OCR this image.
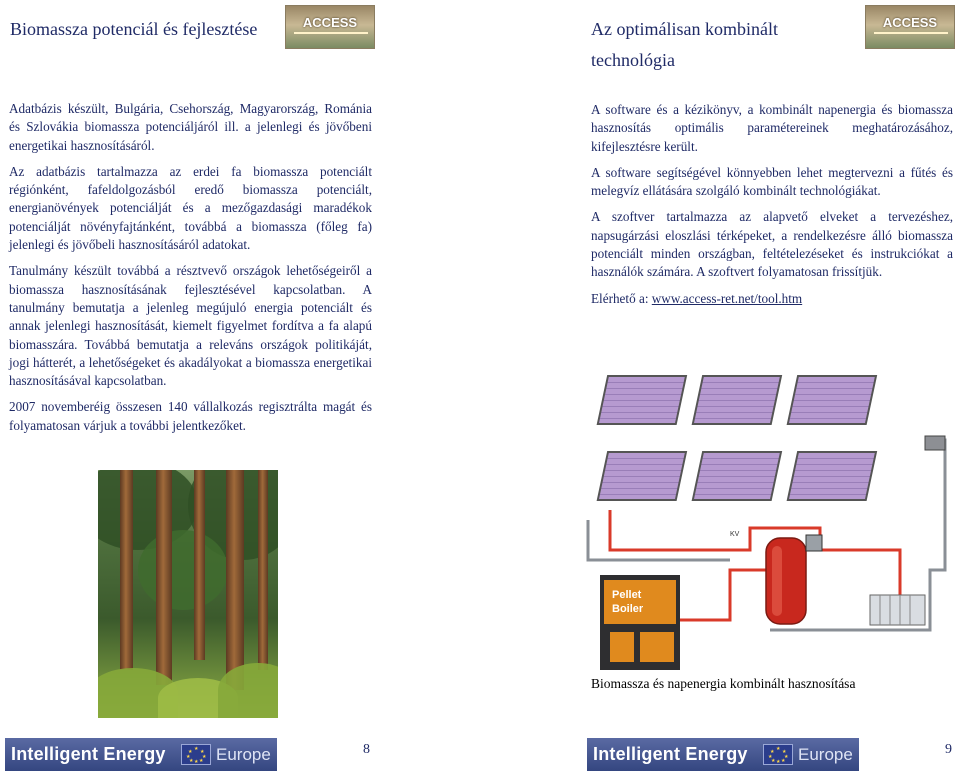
Biomassza potenciál és fejlesztése	ACCESS

Adatbázis készült, Bulgária, Csehország, Magyarország, Románia és Szlovákia biomassza potenciáljáról ill. a jelenlegi és jövőbeni energetikai hasznosításáról.

Az adatbázis tartalmazza az erdei fa biomassza potenciált régiónként, fafeldolgozásból eredő biomassza potenciált, energianövények potenciálját és a mezőgazdasági maradékok potenciálját növényfajtánként, továbbá a biomassza (főleg fa) jelenlegi és jövőbeli hasznosításáról adatokat.

Tanulmány készült továbbá a résztvevő országok lehetőségeiről a biomassza hasznosításának fejlesztésével kapcsolatban. A tanulmány bemutatja a jelenleg megújuló energia potenciált és annak jelenlegi hasznosítását, kiemelt figyelmet fordítva a fa alapú biomasszára. Továbbá bemutatja a releváns országok politikáját, jogi hátterét, a lehetőségeket és akadályokat a biomassza energetikai hasznosításával kapcsolatban.

2007 novemberéig összesen 140 vállalkozás regisztrálta magát és folyamatosan várjuk a további jelentkezőket.

Intelligent Energy	★
★
★
★
★
★
★
★ Europe	8
Az optimálisan kombinált technológia
ACCESS

A software és a kézikönyv, a kombinált napenergia és biomassza hasznosítás optimális paramétereinek meghatározásához, kifejlesztésre került.

A software segítségével könnyebben lehet megtervezni a fűtés és melegvíz ellátására szolgáló kombinált technológiákat.

A szoftver tartalmazza az alapvető elveket a tervezéshez, napsugárzási eloszlási térképeket, a rendelkezésre álló biomassza potenciált minden országban, feltételezéseket és instrukciókat a használók számára. A szoftvert folyamatosan frissítjük.

Elérhető a: www.access-ret.net/tool.htm

Biomassza és napenergia kombinált hasznosítása
Intelligent Energy	★
★
★
★
★
★
★
★ Europe	9
KV
Pellet
Boiler
